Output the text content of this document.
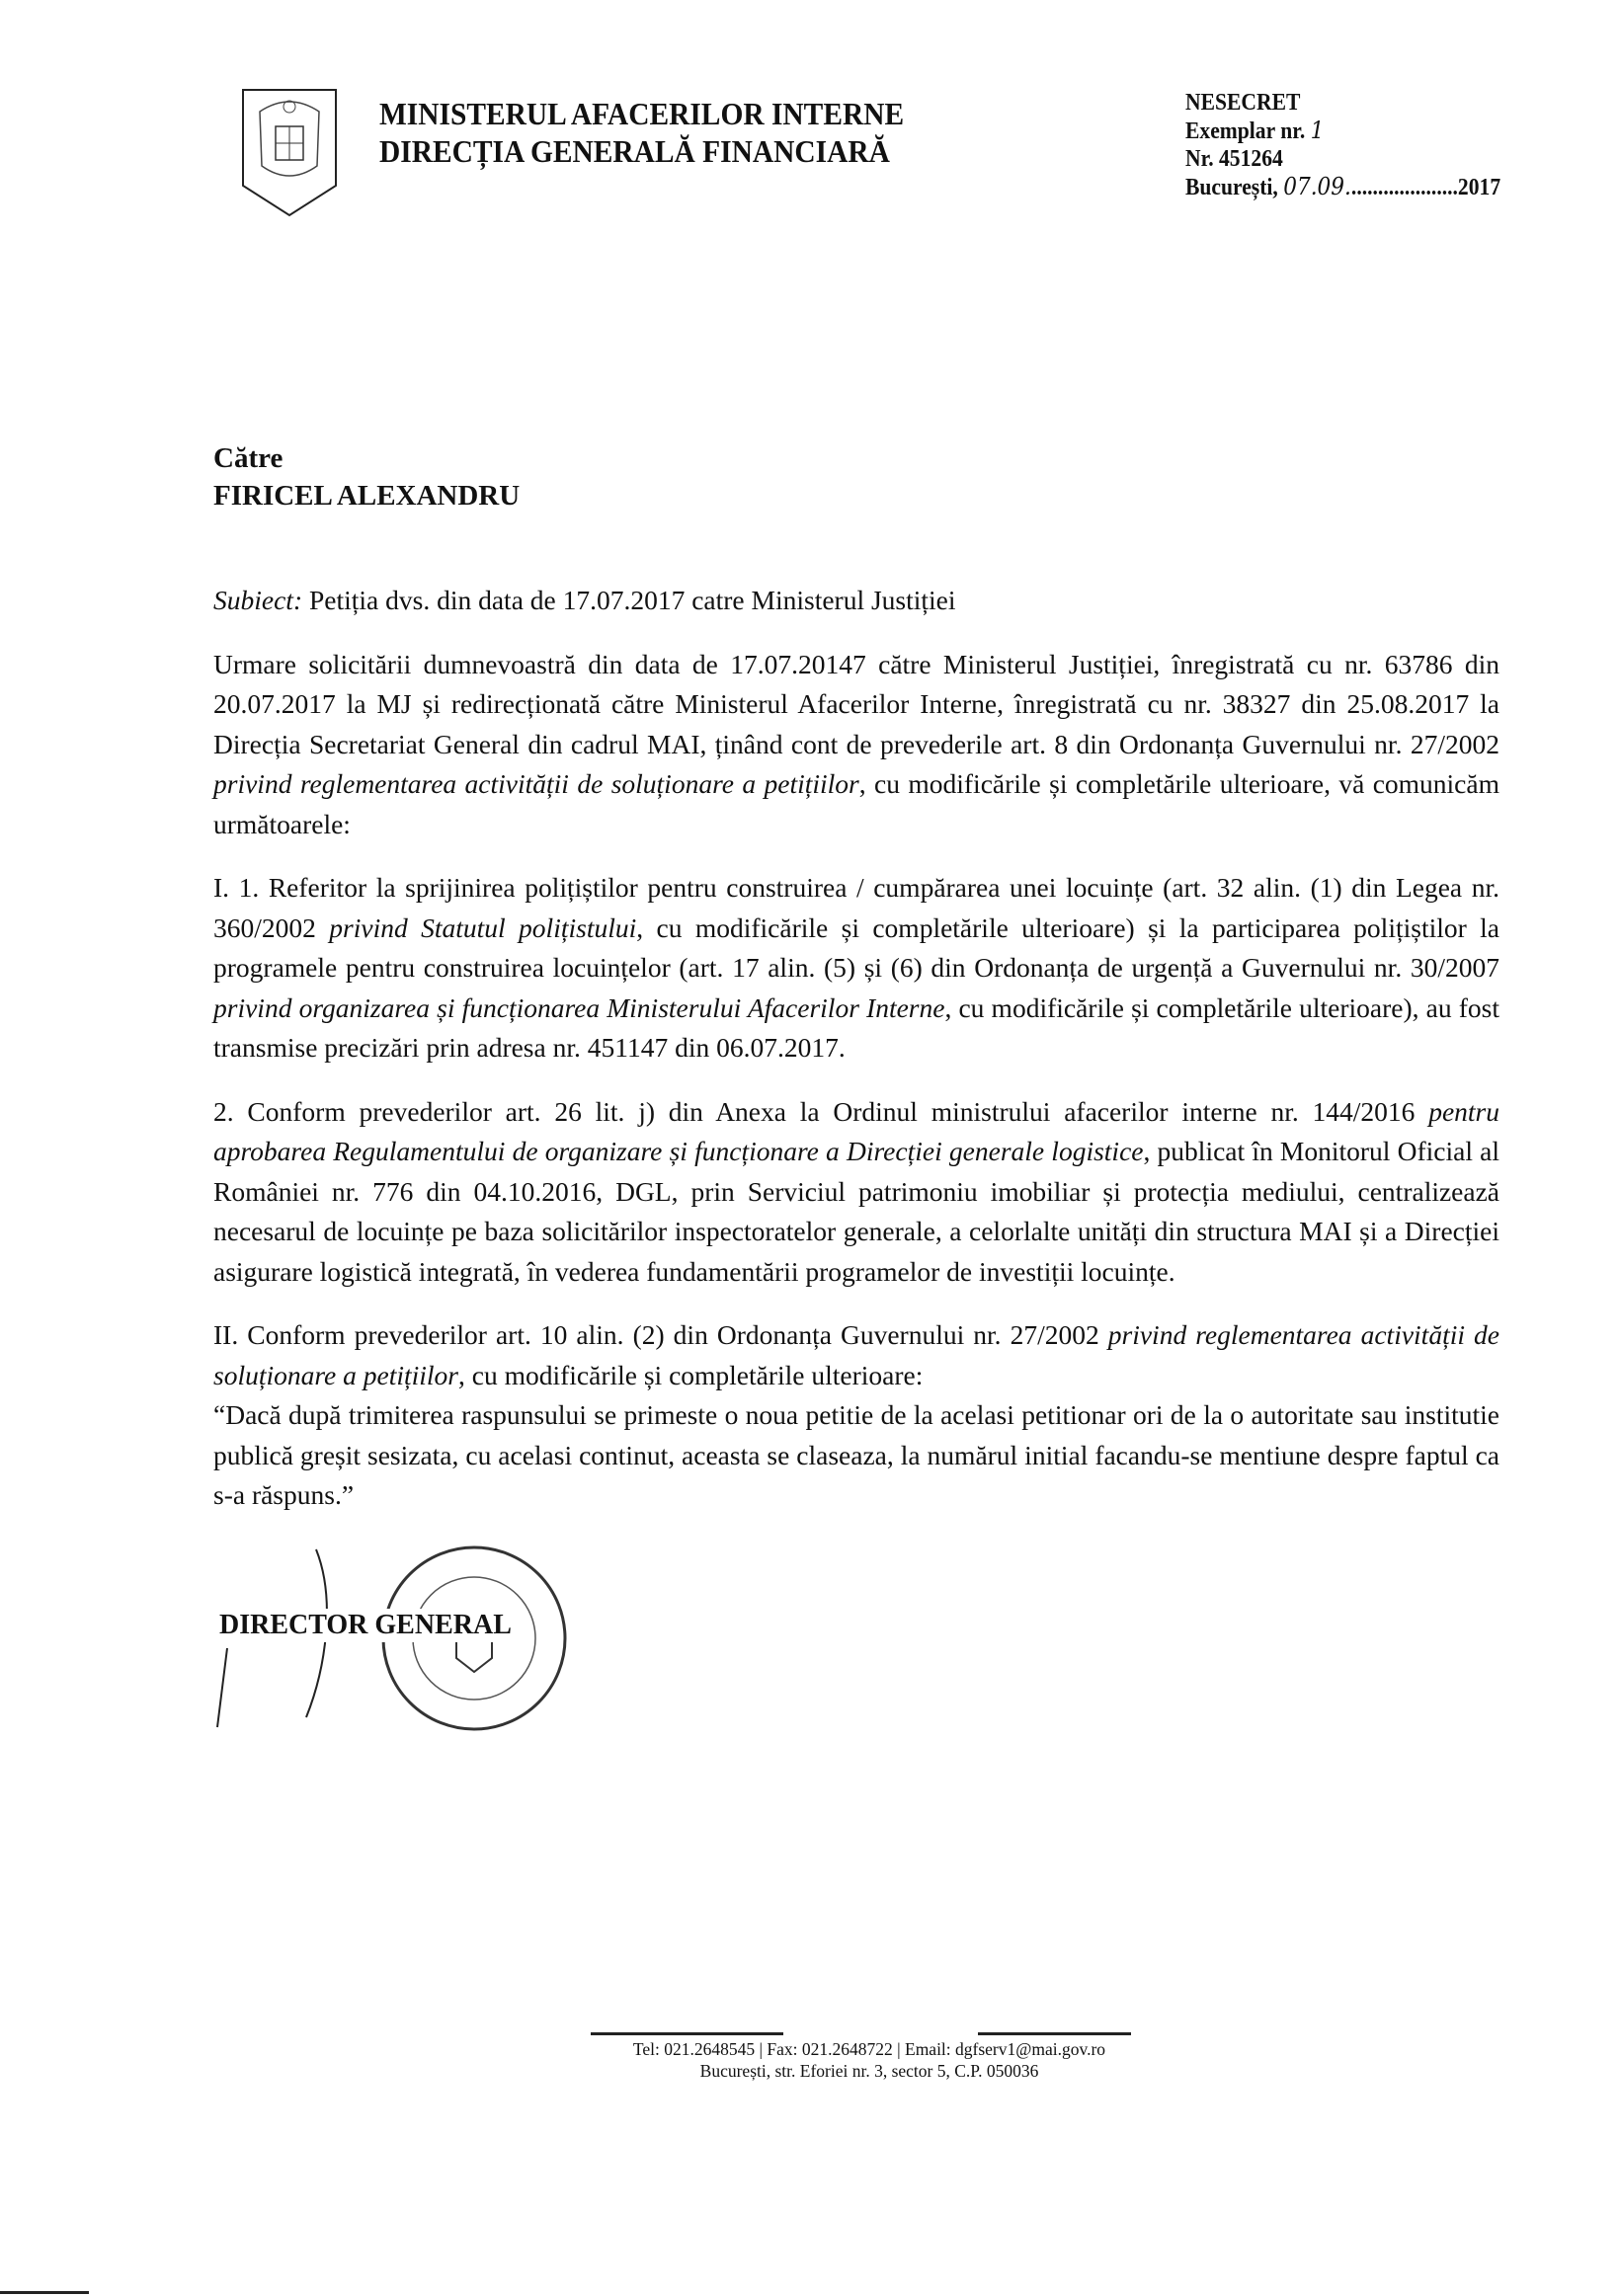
MINISTERUL AFACERILOR INTERNE
DIRECȚIA GENERALĂ FINANCIARĂ
NESECRET
Exemplar nr. 1
Nr. 451264
București, 07.09.....................2017
Către
FIRICEL ALEXANDRU

Subiect: Petiția dvs. din data de 17.07.2017 catre Ministerul Justiției

Urmare solicitării dumnevoastră din data de 17.07.20147 către Ministerul Justiției, înregistrată cu nr. 63786 din 20.07.2017 la MJ și redirecționată către Ministerul Afacerilor Interne, înregistrată cu nr. 38327 din 25.08.2017 la Direcția Secretariat General din cadrul MAI, ținând cont de prevederile art. 8 din Ordonanța Guvernului nr. 27/2002 privind reglementarea activității de soluționare a petițiilor, cu modificările și completările ulterioare, vă comunicăm următoarele:

I. 1. Referitor la sprijinirea polițiștilor pentru construirea / cumpărarea unei locuințe (art. 32 alin. (1) din Legea nr. 360/2002 privind Statutul polițistului, cu modificările și completările ulterioare) și la participarea polițiștilor la programele pentru construirea locuințelor (art. 17 alin. (5) și (6) din Ordonanța de urgență a Guvernului nr. 30/2007 privind organizarea și funcționarea Ministerului Afacerilor Interne, cu modificările și completările ulterioare), au fost transmise precizări prin adresa nr. 451147 din 06.07.2017.

2. Conform prevederilor art. 26 lit. j) din Anexa la Ordinul ministrului afacerilor interne nr. 144/2016 pentru aprobarea Regulamentului de organizare și funcționare a Direcției generale logistice, publicat în Monitorul Oficial al României nr. 776 din 04.10.2016, DGL, prin Serviciul patrimoniu imobiliar și protecția mediului, centralizează necesarul de locuințe pe baza solicitărilor inspectoratelor generale, a celorlalte unități din structura MAI și a Direcției asigurare logistică integrată, în vederea fundamentării programelor de investiții locuințe.

II. Conform prevederilor art. 10 alin. (2) din Ordonanța Guvernului nr. 27/2002 privind reglementarea activității de soluționare a petițiilor, cu modificările și completările ulterioare:

“Dacă după trimiterea raspunsului se primeste o noua petitie de la acelasi petitionar ori de la o autoritate sau institutie publică greșit sesizata, cu acelasi continut, aceasta se claseaza, la numărul initial facandu-se mentiune despre faptul ca s-a răspuns.”

DIRECTOR GENERAL
Tel: 021.2648545 | Fax: 021.2648722 | Email: dgfserv1@mai.gov.ro
București, str. Eforiei nr. 3, sector 5, C.P. 050036
